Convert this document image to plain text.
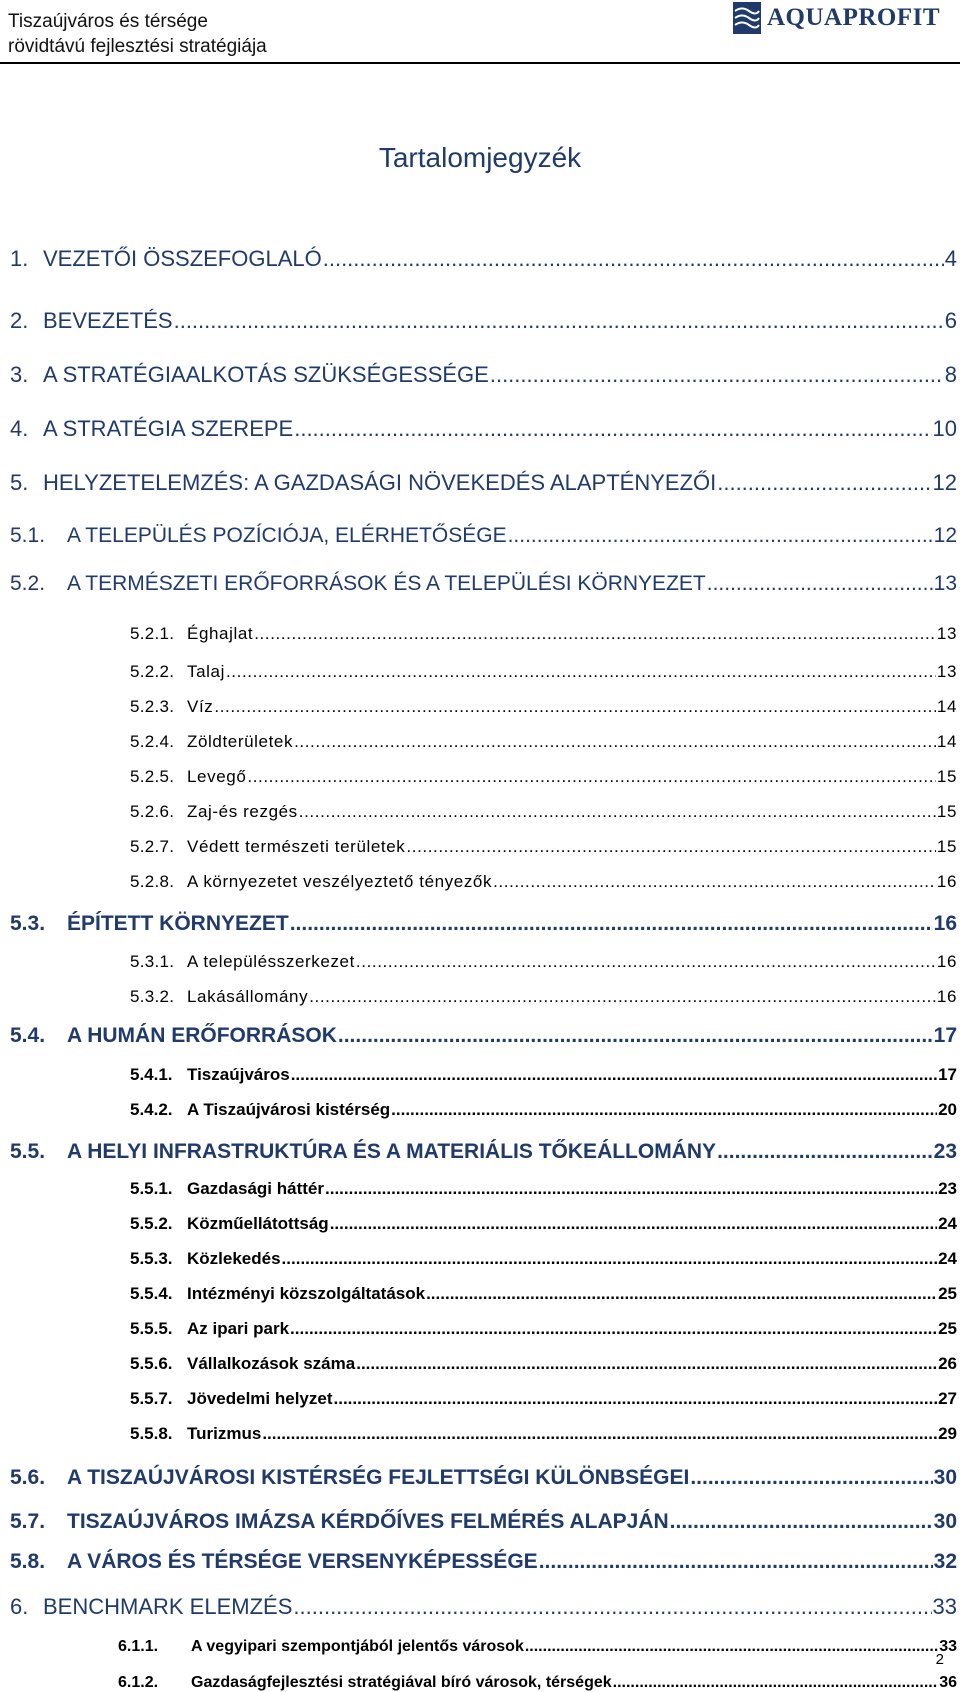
Tiszaújváros és térsége
rövidtávú fejlesztési stratégiája
AQUAPROFIT
Tartalomjegyzék
1. VEZETŐI ÖSSZEFOGLALÓ .....	4
2. BEVEZETÉS .....	6
3. A STRATÉGIAALKOTÁS SZÜKSÉGESSÉGE .....	8
4. A STRATÉGIA SZEREPE .....	10
5. HELYZETELEMZÉS: A GAZDASÁGI NÖVEKEDÉS ALAPTÉNYEZŐI .....	12
5.1.	A TELEPÜLÉS POZÍCIÓJA, ELÉRHETŐSÉGE .....	12
5.2.	A TERMÉSZETI ERŐFORRÁSOK ÉS A TELEPÜLÉSI KÖRNYEZET .....	13
5.2.1. Éghajlat .....	13
5.2.2. Talaj .....	13
5.2.3. Víz .....	14
5.2.4. Zöldterületek .....	14
5.2.5. Levegő .....	15
5.2.6. Zaj-és rezgés .....	15
5.2.7. Védett természeti területek .....	15
5.2.8. A környezetet veszélyeztető tényezők .....	16
5.3.	ÉPÍTETT KÖRNYEZET .....	16
5.3.1. A településszerkezet .....	16
5.3.2. Lakásállomány .....	16
5.4.	A HUMÁN ERŐFORRÁSOK .....	17
5.4.1. Tiszaújváros .....	17
5.4.2. A Tiszaújvárosi kistérség .....	20
5.5.	A HELYI INFRASTRUKTÚRA ÉS A MATERIÁLIS TŐKEÁLLOMÁNY .....	23
5.5.1. Gazdasági háttér .....	23
5.5.2. Közműellátottság .....	24
5.5.3. Közlekedés .....	24
5.5.4. Intézményi közszolgáltatások .....	25
5.5.5. Az ipari park .....	25
5.5.6. Vállalkozások száma .....	26
5.5.7. Jövedelmi helyzet .....	27
5.5.8. Turizmus .....	29
5.6.	A TISZAÚJVÁROSI KISTÉRSÉG FEJLETTSÉGI KÜLÖNBSÉGEI .....	30
5.7.	TISZAÚJVÁROS IMÁZSA KÉRDŐÍVES FELMÉRÉS ALAPJÁN .....	30
5.8.	A VÁROS ÉS TÉRSÉGE VERSENYKÉPESSÉGE .....	32
6. BENCHMARK ELEMZÉS .....	33
6.1.1.	A vegyipari szempontjából jelentős városok .....	33
6.1.2.	Gazdaságfejlesztési stratégiával bíró városok, térségek .....	36
2
